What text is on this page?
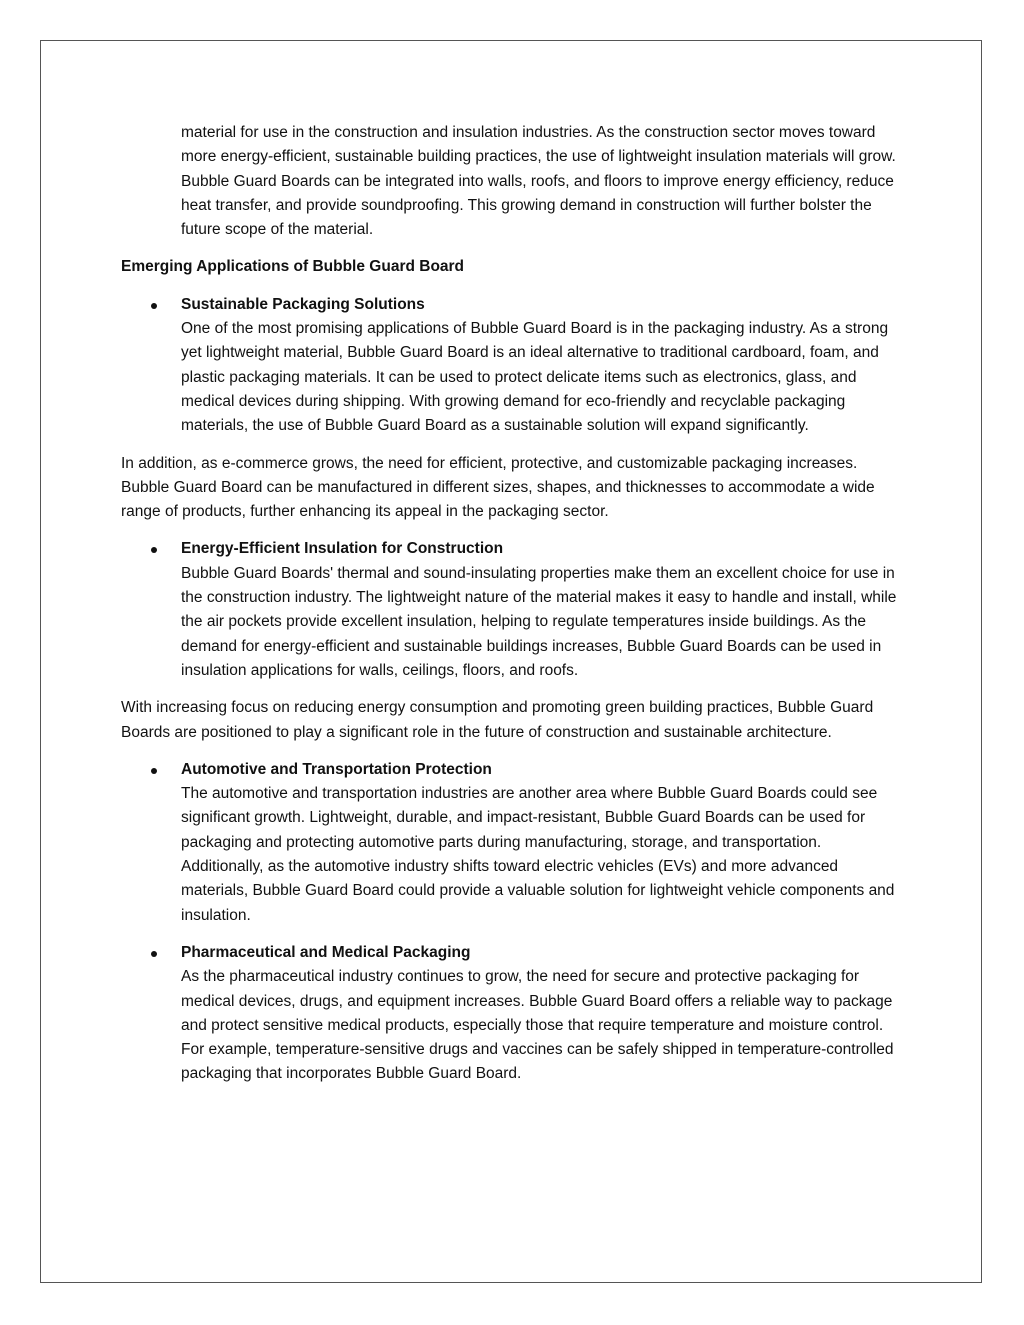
material for use in the construction and insulation industries. As the construction sector moves toward more energy-efficient, sustainable building practices, the use of lightweight insulation materials will grow. Bubble Guard Boards can be integrated into walls, roofs, and floors to improve energy efficiency, reduce heat transfer, and provide soundproofing. This growing demand in construction will further bolster the future scope of the material.

Emerging Applications of Bubble Guard Board

Sustainable Packaging Solutions
One of the most promising applications of Bubble Guard Board is in the packaging industry. As a strong yet lightweight material, Bubble Guard Board is an ideal alternative to traditional cardboard, foam, and plastic packaging materials. It can be used to protect delicate items such as electronics, glass, and medical devices during shipping. With growing demand for eco-friendly and recyclable packaging materials, the use of Bubble Guard Board as a sustainable solution will expand significantly.

In addition, as e-commerce grows, the need for efficient, protective, and customizable packaging increases. Bubble Guard Board can be manufactured in different sizes, shapes, and thicknesses to accommodate a wide range of products, further enhancing its appeal in the packaging sector.

Energy-Efficient Insulation for Construction
Bubble Guard Boards' thermal and sound-insulating properties make them an excellent choice for use in the construction industry. The lightweight nature of the material makes it easy to handle and install, while the air pockets provide excellent insulation, helping to regulate temperatures inside buildings. As the demand for energy-efficient and sustainable buildings increases, Bubble Guard Boards can be used in insulation applications for walls, ceilings, floors, and roofs.

With increasing focus on reducing energy consumption and promoting green building practices, Bubble Guard Boards are positioned to play a significant role in the future of construction and sustainable architecture.

Automotive and Transportation Protection
The automotive and transportation industries are another area where Bubble Guard Boards could see significant growth. Lightweight, durable, and impact-resistant, Bubble Guard Boards can be used for packaging and protecting automotive parts during manufacturing, storage, and transportation. Additionally, as the automotive industry shifts toward electric vehicles (EVs) and more advanced materials, Bubble Guard Board could provide a valuable solution for lightweight vehicle components and insulation.
Pharmaceutical and Medical Packaging
As the pharmaceutical industry continues to grow, the need for secure and protective packaging for medical devices, drugs, and equipment increases. Bubble Guard Board offers a reliable way to package and protect sensitive medical products, especially those that require temperature and moisture control. For example, temperature-sensitive drugs and vaccines can be safely shipped in temperature-controlled packaging that incorporates Bubble Guard Board.
